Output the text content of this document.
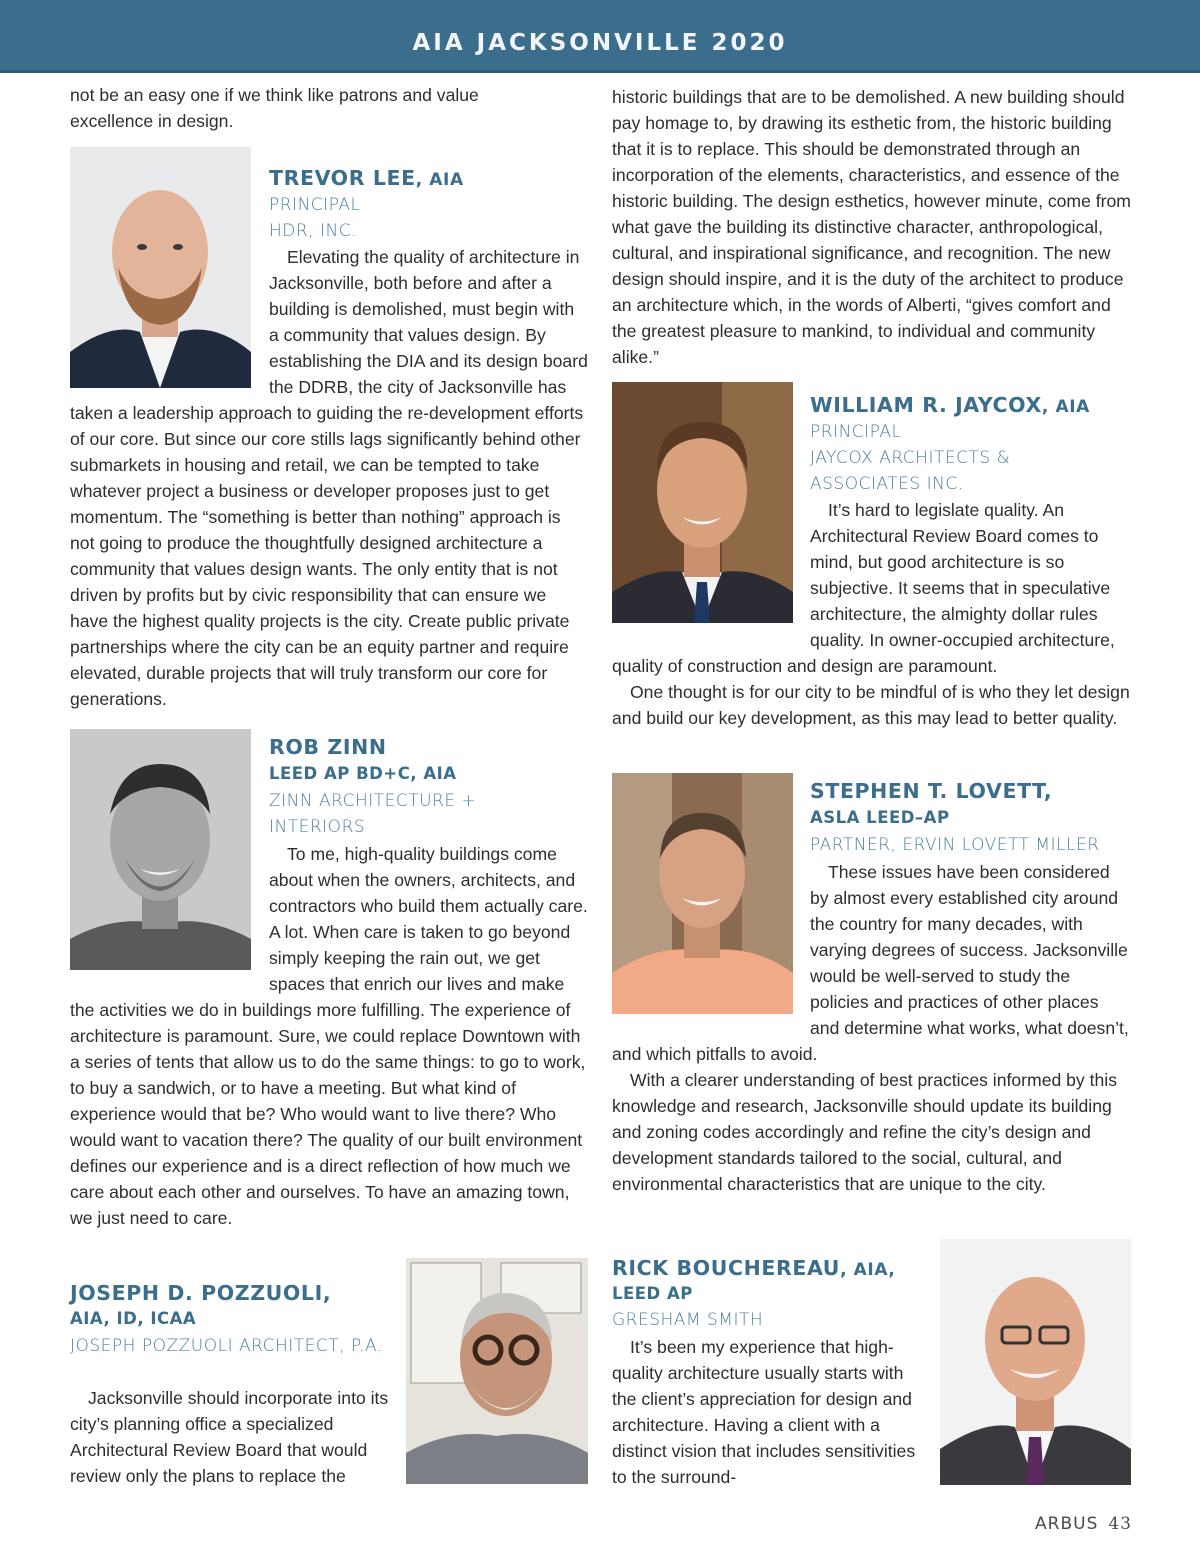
AIA JACKSONVILLE 2020
not be an easy one if we think like patrons and value excellence in design.
TREVOR LEE, AIA
PRINCIPAL
HDR, INC.

Elevating the quality of architecture in Jacksonville, both before and after a building is demolished, must begin with a community that values design. By establishing the DIA and its design board the DDRB, the city of Jacksonville has taken a leadership approach to guiding the re-development efforts of our core. But since our core stills lags significantly behind other submarkets in housing and retail, we can be tempted to take whatever project a business or developer proposes just to get momentum. The “something is better than nothing” approach is not going to produce the thoughtfully designed architecture a community that values design wants. The only entity that is not driven by profits but by civic responsibility that can ensure we have the highest quality projects is the city. Create public private partnerships where the city can be an equity partner and require elevated, durable projects that will truly transform our core for generations.

ROB ZINN
LEED AP BD+C, AIA
ZINN ARCHITECTURE + INTERIORS

To me, high-quality buildings come about when the owners, architects, and contractors who build them actually care. A lot. When care is taken to go beyond simply keeping the rain out, we get spaces that enrich our lives and make the activities we do in buildings more fulfilling. The experience of architecture is paramount. Sure, we could replace Downtown with a series of tents that allow us to do the same things: to go to work, to buy a sandwich, or to have a meeting. But what kind of experience would that be? Who would want to live there? Who would want to vacation there? The quality of our built environment defines our experience and is a direct reflection of how much we care about each other and ourselves. To have an amazing town, we just need to care.

JOSEPH D. POZZUOLI,
AIA, ID, ICAA
JOSEPH POZZUOLI ARCHITECT, P.A.

Jacksonville should incorporate into its city’s planning office a specialized Architectural Review Board that would review only the plans to replace the

historic buildings that are to be demolished. A new building should pay homage to, by drawing its esthetic from, the historic building that it is to replace. This should be demonstrated through an incorporation of the elements, characteristics, and essence of the historic building. The design esthetics, however minute, come from what gave the building its distinctive character, anthropological, cultural, and inspirational significance, and recognition. The new design should inspire, and it is the duty of the architect to produce an architecture which, in the words of Alberti, “gives comfort and the greatest pleasure to mankind, to individual and community alike.”
WILLIAM R. JAYCOX, AIA
PRINCIPAL
JAYCOX ARCHITECTS & ASSOCIATES INC.

It’s hard to legislate quality. An Architectural Review Board comes to mind, but good architecture is so subjective. It seems that in speculative architecture, the almighty dollar rules quality. In owner-occupied architecture, quality of construction and design are paramount.

One thought is for our city to be mindful of is who they let design and build our key development, as this may lead to better quality.

STEPHEN T. LOVETT,
ASLA LEED–AP
PARTNER, ERVIN LOVETT MILLER

These issues have been considered by almost every established city around the country for many decades, with varying degrees of success. Jacksonville would be well-served to study the policies and practices of other places and determine what works, what doesn’t, and which pitfalls to avoid.

With a clearer understanding of best practices informed by this knowledge and research, Jacksonville should update its building and zoning codes accordingly and refine the city’s design and development standards tailored to the social, cultural, and environmental characteristics that are unique to the city.

RICK BOUCHEREAU, AIA,
LEED AP
GRESHAM SMITH

It’s been my experience that high-quality architecture usually starts with the client’s appreciation for design and architecture. Having a client with a distinct vision that includes sensitivities to the surround-

ARBUS 43
